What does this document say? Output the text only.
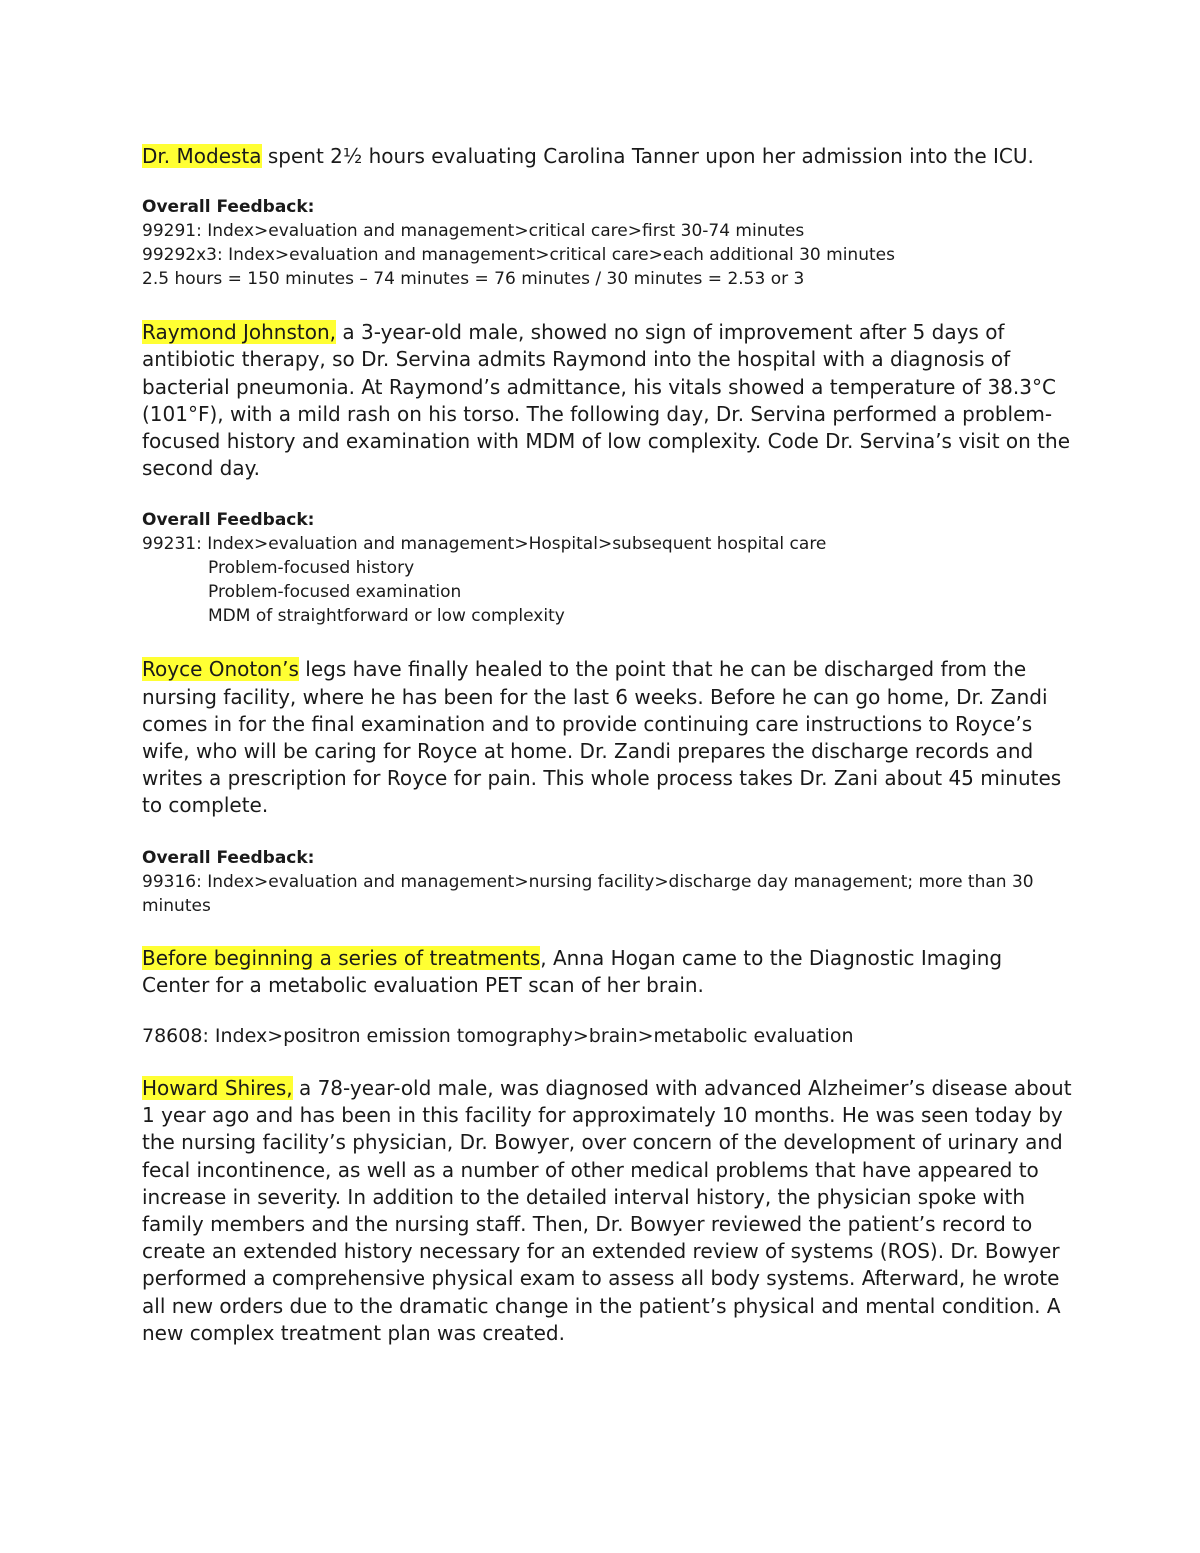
Dr. Modesta spent 2½ hours evaluating Carolina Tanner upon her admission into the ICU.

Overall Feedback:

99291: Index>evaluation and management>critical care>first 30-74 minutes

99292x3: Index>evaluation and management>critical care>each additional 30 minutes

2.5 hours = 150 minutes – 74 minutes = 76 minutes / 30 minutes = 2.53 or 3

Raymond Johnston, a 3-year-old male, showed no sign of improvement after 5 days of antibiotic therapy, so Dr. Servina admits Raymond into the hospital with a diagnosis of bacterial pneumonia. At Raymond’s admittance, his vitals showed a temperature of 38.3°C (101°F), with a mild rash on his torso. The following day, Dr. Servina performed a problem-focused history and examination with MDM of low complexity. Code Dr. Servina’s visit on the second day.

Overall Feedback:

99231: Index>evaluation and management>Hospital>subsequent hospital care

Problem-focused history

Problem-focused examination

MDM of straightforward or low complexity

Royce Onoton’s legs have finally healed to the point that he can be discharged from the nursing facility, where he has been for the last 6 weeks. Before he can go home, Dr. Zandi comes in for the final examination and to provide continuing care instructions to Royce’s wife, who will be caring for Royce at home. Dr. Zandi prepares the discharge records and writes a prescription for Royce for pain. This whole process takes Dr. Zani about 45 minutes to complete.

Overall Feedback:

99316: Index>evaluation and management>nursing facility>discharge day management; more than 30 minutes

Before beginning a series of treatments, Anna Hogan came to the Diagnostic Imaging Center for a metabolic evaluation PET scan of her brain.

78608: Index>positron emission tomography>brain>metabolic evaluation

Howard Shires, a 78-year-old male, was diagnosed with advanced Alzheimer’s disease about 1 year ago and has been in this facility for approximately 10 months. He was seen today by the nursing facility’s physician, Dr. Bowyer, over concern of the development of urinary and fecal incontinence, as well as a number of other medical problems that have appeared to increase in severity. In addition to the detailed interval history, the physician spoke with family members and the nursing staff. Then, Dr. Bowyer reviewed the patient’s record to create an extended history necessary for an extended review of systems (ROS). Dr. Bowyer performed a comprehensive physical exam to assess all body systems. Afterward, he wrote all new orders due to the dramatic change in the patient’s physical and mental condition. A new complex treatment plan was created.
